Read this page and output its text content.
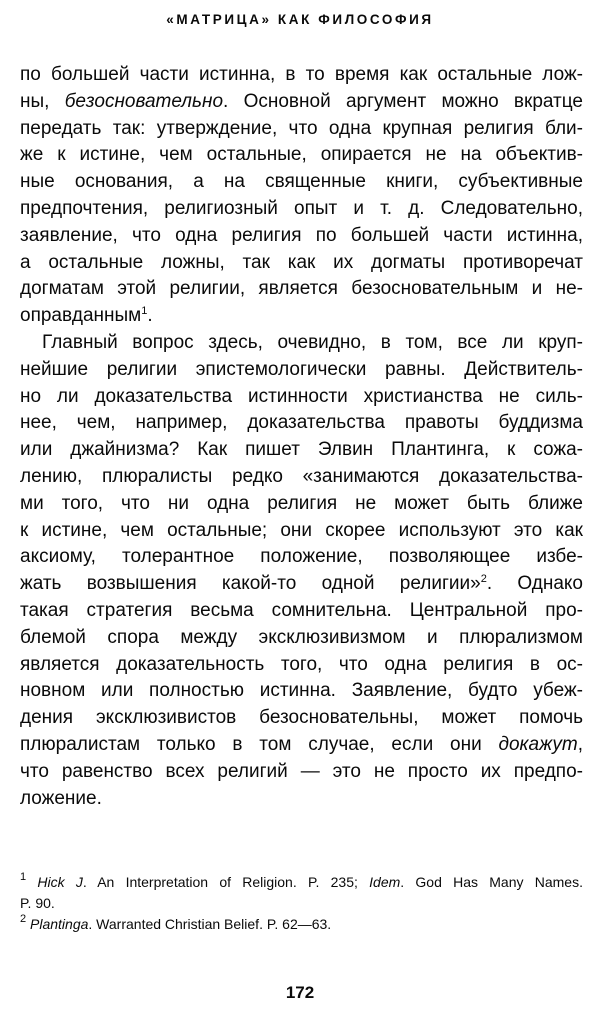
«МАТРИЦА» КАК ФИЛОСОФИЯ
по большей части истинна, в то время как остальные лож-
ны, безосновательно. Основной аргумент можно вкратце
передать так: утверждение, что одна крупная религия бли-
же к истине, чем остальные, опирается не на объектив-
ные основания, а на священные книги, субъективные
предпочтения, религиозный опыт и т. д. Следовательно,
заявление, что одна религия по большей части истинна,
а остальные ложны, так как их догматы противоречат
догматам этой религии, является безосновательным и не-
оправданным$^1$.
Главный вопрос здесь, очевидно, в том, все ли круп-
нейшие религии эпистемологически равны. Действитель-
но ли доказательства истинности христианства не силь-
нее, чем, например, доказательства правоты буддизма
или джайнизма? Как пишет Элвин Плантинга, к сожа-
лению, плюралисты редко «занимаются доказательства-
ми того, что ни одна религия не может быть ближе
к истине, чем остальные; они скорее используют это как
аксиому, толерантное положение, позволяющее избе-
жать возвышения какой-то одной религии»$^2$. Однако
такая стратегия весьма сомнительна. Центральной про-
блемой спора между эксклюзивизмом и плюрализмом
является доказательность того, что одна религия в ос-
новном или полностью истинна. Заявление, будто убеж-
дения эксклюзивистов безосновательны, может помочь
плюралистам только в том случае, если они докажут,
что равенство всех религий — это не просто их предпо-
ложение.
$^1$ Hick J. An Interpretation of Religion. P. 235; Idem. God Has Many Names.
P. 90.
$^2$ Plantinga. Warranted Christian Belief. P. 62—63.
172
